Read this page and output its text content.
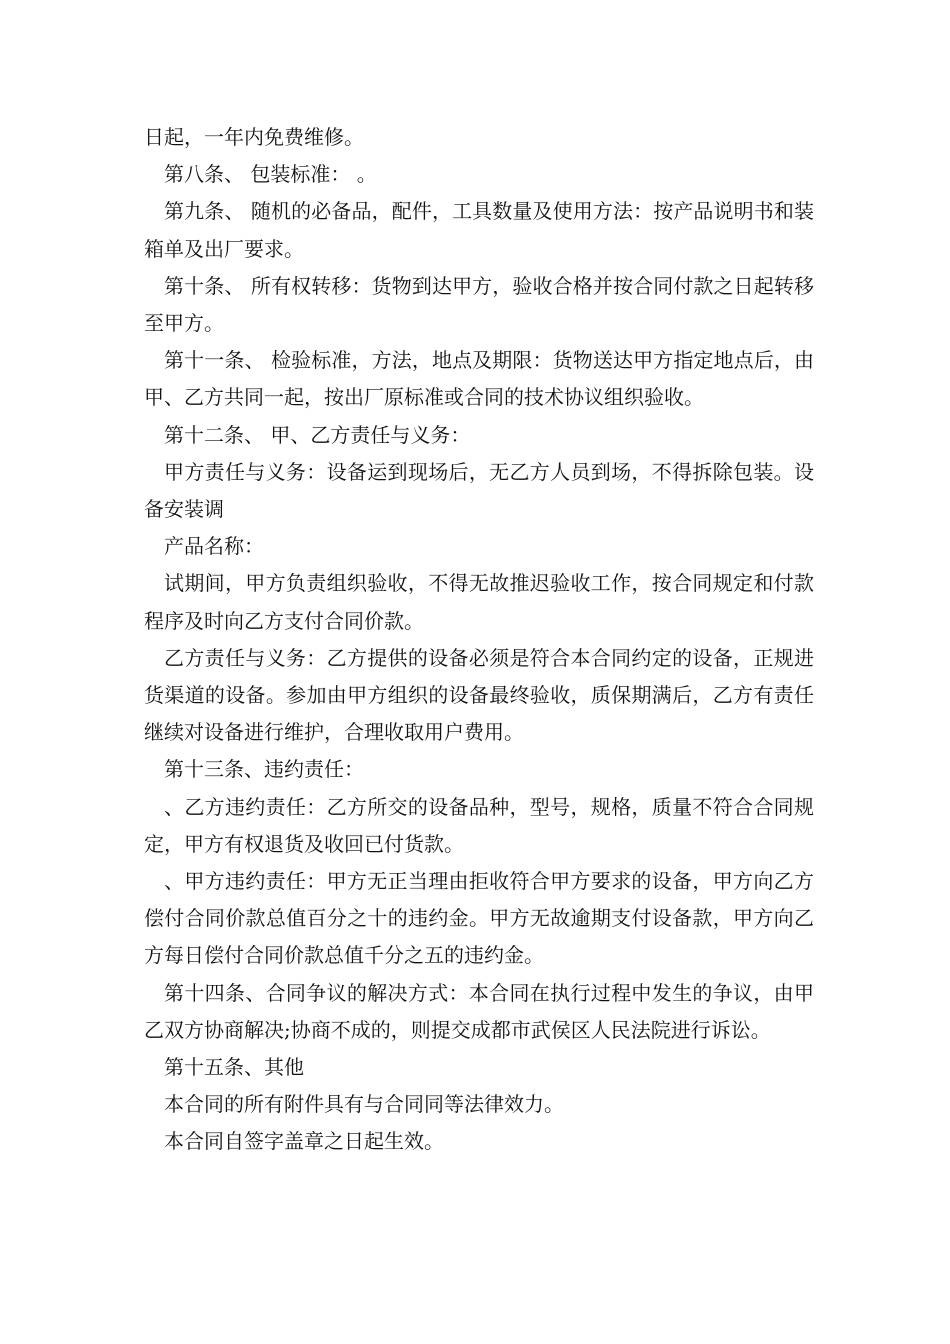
日起，一年内免费维修。

第八条、 包装标准： 。

第九条、 随机的必备品，配件，工具数量及使用方法：按产品说明书和装箱单及出厂要求。

第十条、 所有权转移：货物到达甲方，验收合格并按合同付款之日起转移至甲方。

第十一条、 检验标准，方法，地点及期限：货物送达甲方指定地点后，由甲、乙方共同一起，按出厂原标准或合同的技术协议组织验收。

第十二条、 甲、乙方责任与义务：

甲方责任与义务：设备运到现场后，无乙方人员到场，不得拆除包装。设备安装调

产品名称：

试期间，甲方负责组织验收，不得无故推迟验收工作，按合同规定和付款程序及时向乙方支付合同价款。

乙方责任与义务：乙方提供的设备必须是符合本合同约定的设备，正规进货渠道的设备。参加由甲方组织的设备最终验收，质保期满后，乙方有责任继续对设备进行维护，合理收取用户费用。

第十三条、违约责任：

、乙方违约责任：乙方所交的设备品种，型号，规格，质量不符合合同规定，甲方有权退货及收回已付货款。

、甲方违约责任：甲方无正当理由拒收符合甲方要求的设备，甲方向乙方偿付合同价款总值百分之十的违约金。甲方无故逾期支付设备款，甲方向乙方每日偿付合同价款总值千分之五的违约金。

第十四条、合同争议的解决方式：本合同在执行过程中发生的争议，由甲乙双方协商解决;协商不成的，则提交成都市武侯区人民法院进行诉讼。

第十五条、其他

本合同的所有附件具有与合同同等法律效力。

本合同自签字盖章之日起生效。
